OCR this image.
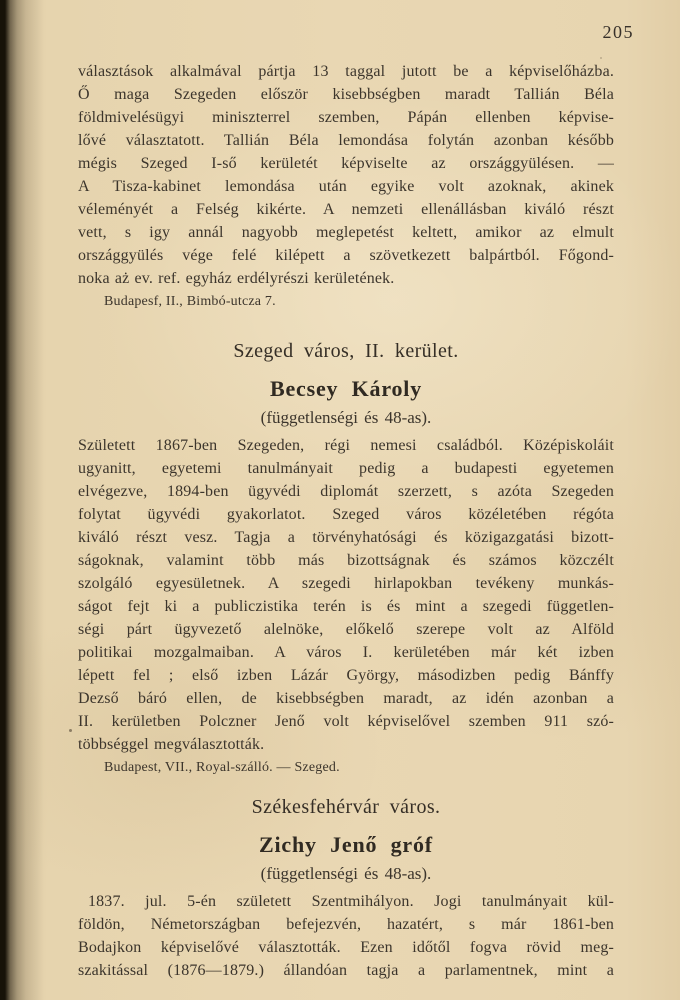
205
választások alkalmával pártja 13 taggal jutott be a képviselőházba.
Ő maga Szegeden először kisebbségben maradt Tallián Béla
földmivelésügyi miniszterrel szemben, Pápán ellenben képvise-
lővé választatott. Tallián Béla lemondása folytán azonban később
mégis Szeged I-ső kerületét képviselte az országgyülésen. —
A Tisza-kabinet lemondása után egyike volt azoknak, akinek
véleményét a Felség kikérte. A nemzeti ellenállásban kiváló részt
vett, s igy annál nagyobb meglepetést keltett, amikor az elmult
országgyülés vége felé kilépett a szövetkezett balpártból. Főgond-
noka aż ev. ref. egyház erdélyrészi kerületének.
Budapesf, II., Bimbó-utcza 7.
Szeged város, II. kerület.
Becsey Károly
(függetlenségi és 48-as).
Született 1867-ben Szegeden, régi nemesi családból. Középiskoláit
ugyanitt, egyetemi tanulmányait pedig a budapesti egyetemen
elvégezve, 1894-ben ügyvédi diplomát szerzett, s azóta Szegeden
folytat ügyvédi gyakorlatot. Szeged város közéletében régóta
kiváló részt vesz. Tagja a törvényhatósági és közigazgatási bizott-
ságoknak, valamint több más bizottságnak és számos közczélt
szolgáló egyesületnek. A szegedi hirlapokban tevékeny munkás-
ságot fejt ki a publiczistika terén is és mint a szegedi független-
ségi párt ügyvezető alelnöke, előkelő szerepe volt az Alföld
politikai mozgalmaiban. A város I. kerületében már két izben
lépett fel ; első izben Lázár György, másodizben pedig Bánffy
Dezső báró ellen, de kisebbségben maradt, az idén azonban a
II. kerületben Polczner Jenő volt képviselővel szemben 911 szó-
többséggel megválasztották.
Budapest, VII., Royal-szálló. — Szeged.
Székesfehérvár város.
Zichy Jenő gróf
(függetlenségi és 48-as).
1837. jul. 5-én született Szentmihályon. Jogi tanulmányait kül-
földön, Németországban befejezvén, hazatért, s már 1861-ben
Bodajkon képviselővé választották. Ezen időtől fogva rövid meg-
szakitással (1876—1879.) állandóan tagja a parlamentnek, mint a
